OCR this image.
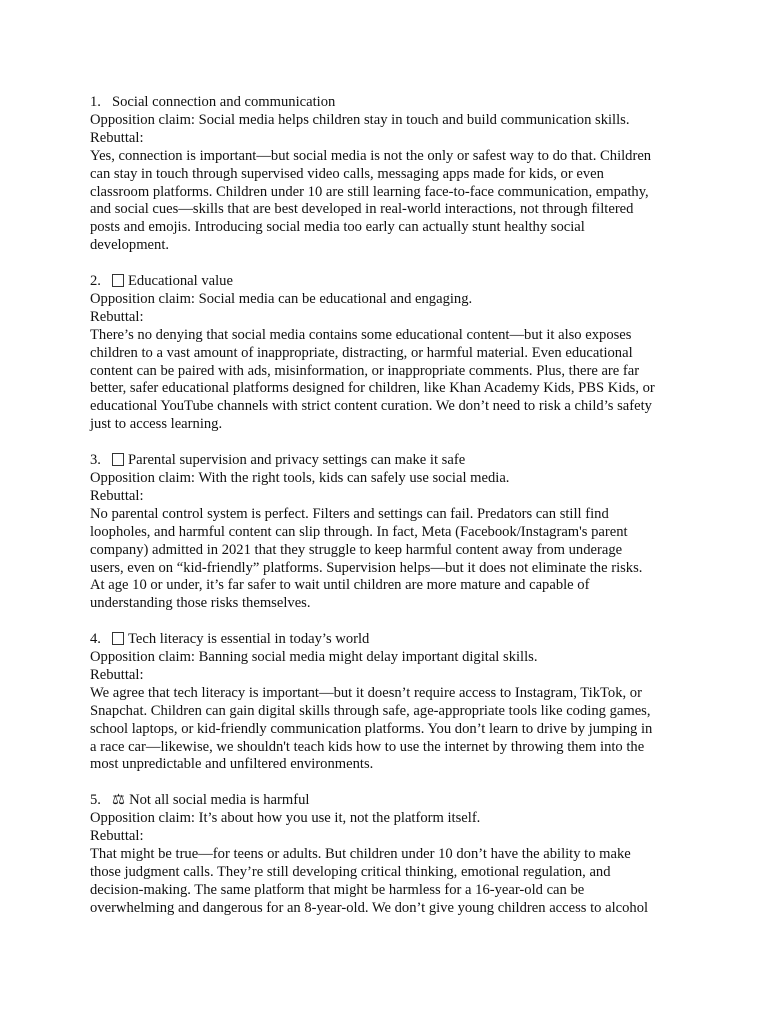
1. Social connection and communication
Opposition claim: Social media helps children stay in touch and build communication skills.
Rebuttal:
Yes, connection is important—but social media is not the only or safest way to do that. Children
can stay in touch through supervised video calls, messaging apps made for kids, or even
classroom platforms. Children under 10 are still learning face-to-face communication, empathy,
and social cues—skills that are best developed in real-world interactions, not through filtered
posts and emojis. Introducing social media too early can actually stunt healthy social
development.
2. Educational value
Opposition claim: Social media can be educational and engaging.
Rebuttal:
There’s no denying that social media contains some educational content—but it also exposes
children to a vast amount of inappropriate, distracting, or harmful material. Even educational
content can be paired with ads, misinformation, or inappropriate comments. Plus, there are far
better, safer educational platforms designed for children, like Khan Academy Kids, PBS Kids, or
educational YouTube channels with strict content curation. We don’t need to risk a child’s safety
just to access learning.
3. Parental supervision and privacy settings can make it safe
Opposition claim: With the right tools, kids can safely use social media.
Rebuttal:
No parental control system is perfect. Filters and settings can fail. Predators can still find
loopholes, and harmful content can slip through. In fact, Meta (Facebook/Instagram's parent
company) admitted in 2021 that they struggle to keep harmful content away from underage
users, even on “kid-friendly” platforms. Supervision helps—but it does not eliminate the risks.
At age 10 or under, it’s far safer to wait until children are more mature and capable of
understanding those risks themselves.
4. Tech literacy is essential in today’s world
Opposition claim: Banning social media might delay important digital skills.
Rebuttal:
We agree that tech literacy is important—but it doesn’t require access to Instagram, TikTok, or
Snapchat. Children can gain digital skills through safe, age-appropriate tools like coding games,
school laptops, or kid-friendly communication platforms. You don’t learn to drive by jumping in
a race car—likewise, we shouldn't teach kids how to use the internet by throwing them into the
most unpredictable and unfiltered environments.
5. ⚖ Not all social media is harmful
Opposition claim: It’s about how you use it, not the platform itself.
Rebuttal:
That might be true—for teens or adults. But children under 10 don’t have the ability to make
those judgment calls. They’re still developing critical thinking, emotional regulation, and
decision-making. The same platform that might be harmless for a 16-year-old can be
overwhelming and dangerous for an 8-year-old. We don’t give young children access to alcohol
